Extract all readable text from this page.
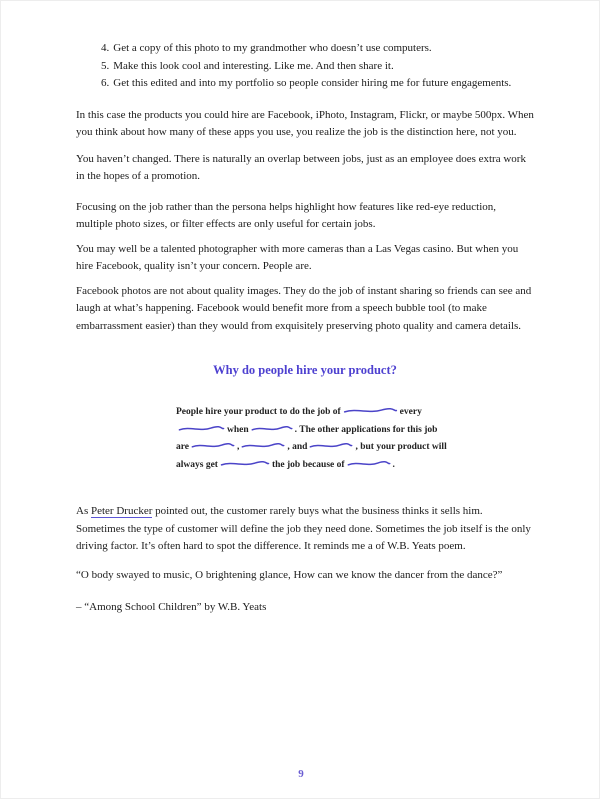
4. Get a copy of this photo to my grandmother who doesn’t use computers.
5. Make this look cool and interesting. Like me. And then share it.
6. Get this edited and into my portfolio so people consider hiring me for future engagements.

In this case the products you could hire are Facebook, iPhoto, Instagram, Flickr, or maybe 500px. When you think about how many of these apps you use, you realize the job is the distinction here, not you.

You haven’t changed. There is naturally an overlap between jobs, just as an employee does extra work in the hopes of a promotion.

Focusing on the job rather than the persona helps highlight how features like red-eye reduction, multiple photo sizes, or filter effects are only useful for certain jobs.

You may well be a talented photographer with more cameras than a Las Vegas casino. But when you hire Facebook, quality isn’t your concern. People are.

Facebook photos are not about quality images. They do the job of instant sharing so friends can see and laugh at what’s happening. Facebook would benefit more from a speech bubble tool (to make embarrassment easier) than they would from exquisitely preserving photo quality and camera details.

Why do people hire your product?
People hire your product to do the job of	every
when	. The other applications for this job
are	,	, and	, but your product will
always get	the job because of	.

As Peter Drucker pointed out, the customer rarely buys what the business thinks it sells him. Sometimes the type of customer will define the job they need done. Sometimes the job itself is the only driving factor. It’s often hard to spot the difference. It reminds me a of W.B. Yeats poem.

“O body swayed to music, O brightening glance, How can we know the dancer from the dance?”

– “Among School Children” by W.B. Yeats

9
